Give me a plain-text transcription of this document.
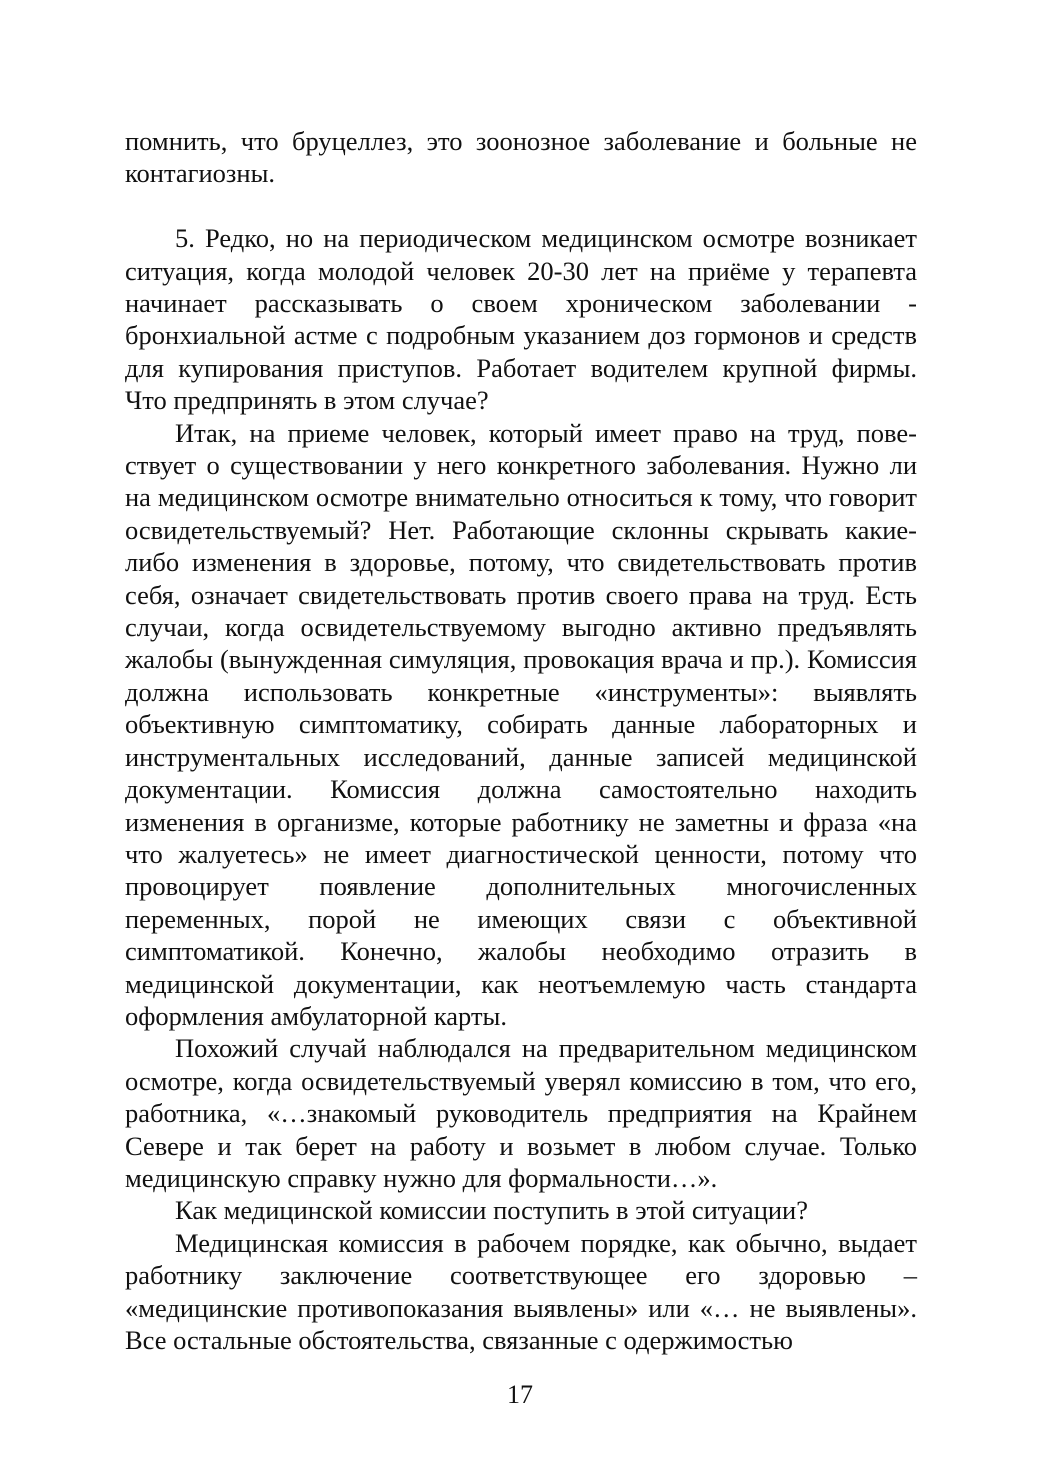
помнить, что бруцеллез, это зоонозное заболевание и больные не контагиозны.

5. Редко, но на периодическом медицинском осмотре возникает ситуация, когда молодой человек 20-30 лет на приёме у терапевта начинает рассказывать о своем хроническом заболевании - бронхиальной астме с подробным указанием доз гормонов и средств для купирования приступов. Работает водителем крупной фирмы. Что предпринять в этом случае?

Итак, на приеме человек, который имеет право на труд, повествует о существовании у него конкретного заболевания. Нужно ли на медицинском осмотре внимательно относиться к тому, что говорит освидетельствуемый? Нет. Работающие склонны скрывать какие-либо изменения в здоровье, потому, что свидетельствовать против себя, означает свидетельствовать против своего права на труд. Есть случаи, когда освидетельствуемому выгодно активно предъявлять жалобы (вынужденная симуляция, провокация врача и пр.). Комиссия должна использовать конкретные «инструменты»: выявлять объективную симптоматику, собирать данные лабораторных и инструментальных исследований, данные записей медицинской документации. Комиссия должна самостоятельно находить изменения в организме, которые работнику не заметны и фраза «на что жалуетесь» не имеет диагностической ценности, потому что провоцирует появление дополнительных многочисленных переменных, порой не имеющих связи с объективной симптоматикой. Конечно, жалобы необходимо отразить в медицинской документации, как неотъемлемую часть стандарта оформления амбулаторной карты.

Похожий случай наблюдался на предварительном медицинском осмотре, когда освидетельствуемый уверял комиссию в том, что его, работника, «…знакомый руководитель предприятия на Крайнем Севере и так берет на работу и возьмет в любом случае. Только медицинскую справку нужно для формальности…».

Как медицинской комиссии поступить в этой ситуации?

Медицинская комиссия в рабочем порядке, как обычно, выдает работнику заключение соответствующее его здоровью – «медицинские противопоказания выявлены» или «… не выявлены». Все остальные обстоятельства, связанные с одержимостью

17
